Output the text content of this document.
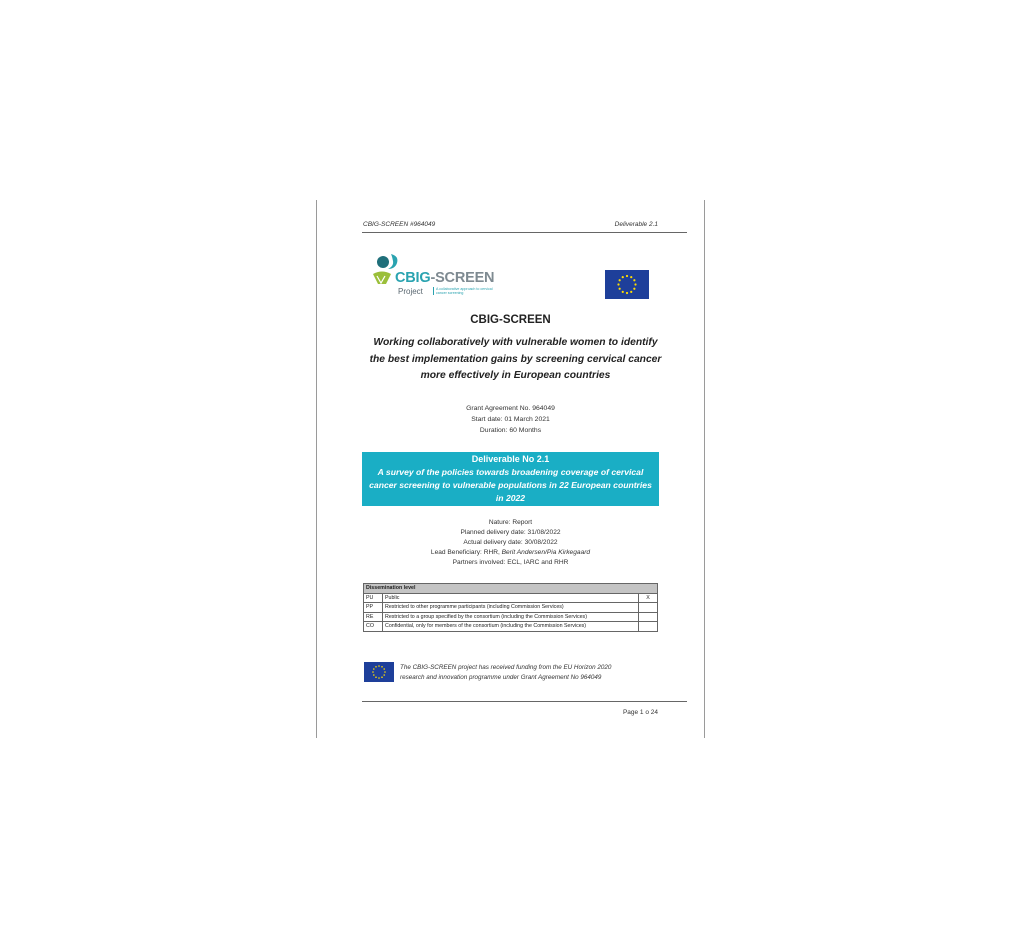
CBIG-SCREEN #964049	Deliverable 2.1
CBIG-SCREEN
Project	A collaborative approach to cervical cancer screening
CBIG-SCREEN
Working collaboratively with vulnerable women to identify
the best implementation gains by screening cervical cancer
more effectively in European countries
Grant Agreement No. 964049
Start date: 01 March 2021
Duration: 60 Months
Deliverable No 2.1
A survey of the policies towards broadening coverage of cervical
cancer screening to vulnerable populations in 22 European countries
in 2022
Nature: Report
Planned delivery date: 31/08/2022
Actual delivery date: 30/08/2022
Lead Beneficiary: RHR, Berit Andersen/Pia Kirkegaard
Partners involved: ECL, IARC and RHR
Dissemination level		
PU	Public	X
PP	Restricted to other programme participants (including Commission Services)	
RE	Restricted to a group specified by the consortium (including the Commission Services)	
CO	Confidential, only for members of the consortium (including the Commission Services)	
The CBIG-SCREEN project has received funding from the EU Horizon 2020
research and innovation programme under Grant Agreement No 964049
Page 1 o 24
